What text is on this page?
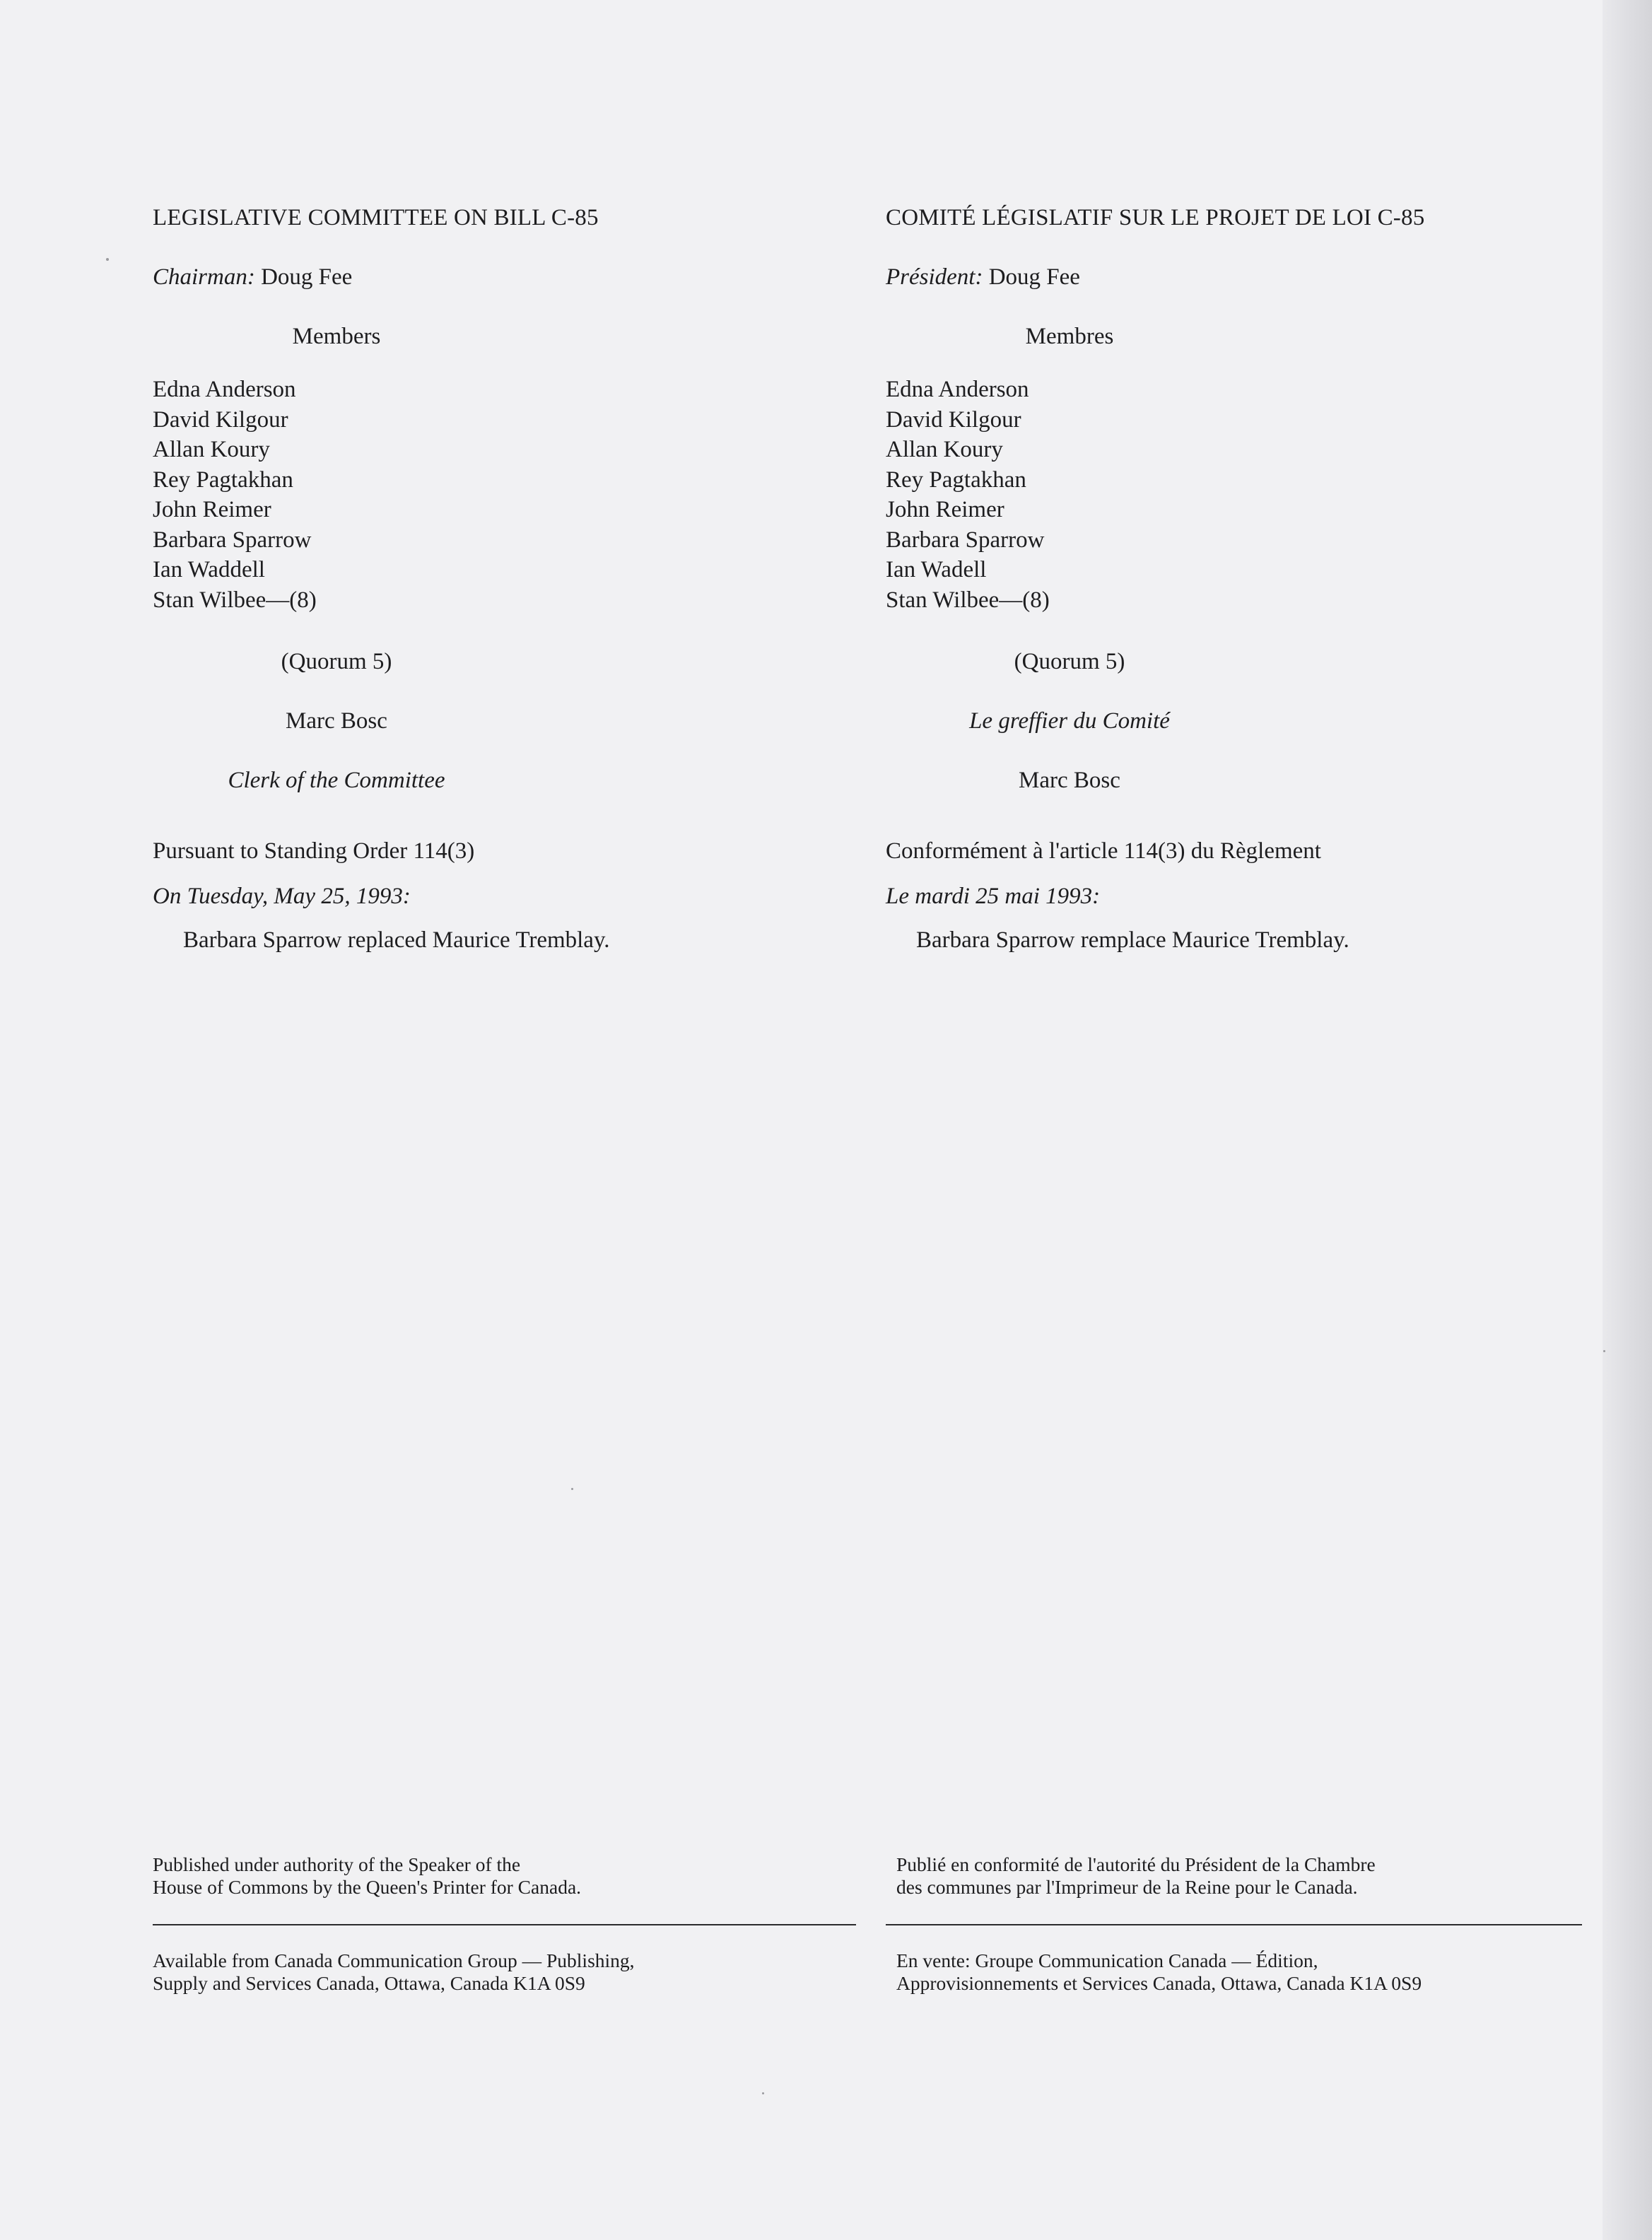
LEGISLATIVE COMMITTEE ON BILL C-85

Chairman: Doug Fee
Members
Edna Anderson
David Kilgour
Allan Koury
Rey Pagtakhan
John Reimer
Barbara Sparrow
Ian Waddell
Stan Wilbee—(8)
(Quorum 5)
Marc Bosc
Clerk of the Committee
Pursuant to Standing Order 114(3)
On Tuesday, May 25, 1993:
Barbara Sparrow replaced Maurice Tremblay.

COMITÉ LÉGISLATIF SUR LE PROJET DE LOI C-85

Président: Doug Fee
Membres
Edna Anderson
David Kilgour
Allan Koury
Rey Pagtakhan
John Reimer
Barbara Sparrow
Ian Wadell
Stan Wilbee—(8)
(Quorum 5)
Le greffier du Comité
Marc Bosc
Conformément à l'article 114(3) du Règlement
Le mardi 25 mai 1993:
Barbara Sparrow remplace Maurice Tremblay.
Published under authority of the Speaker of the
House of Commons by the Queen's Printer for Canada.
Publié en conformité de l'autorité du Président de la Chambre
des communes par l'Imprimeur de la Reine pour le Canada.
Available from Canada Communication Group — Publishing,
Supply and Services Canada, Ottawa, Canada K1A 0S9
En vente: Groupe Communication Canada — Édition,
Approvisionnements et Services Canada, Ottawa, Canada K1A 0S9
